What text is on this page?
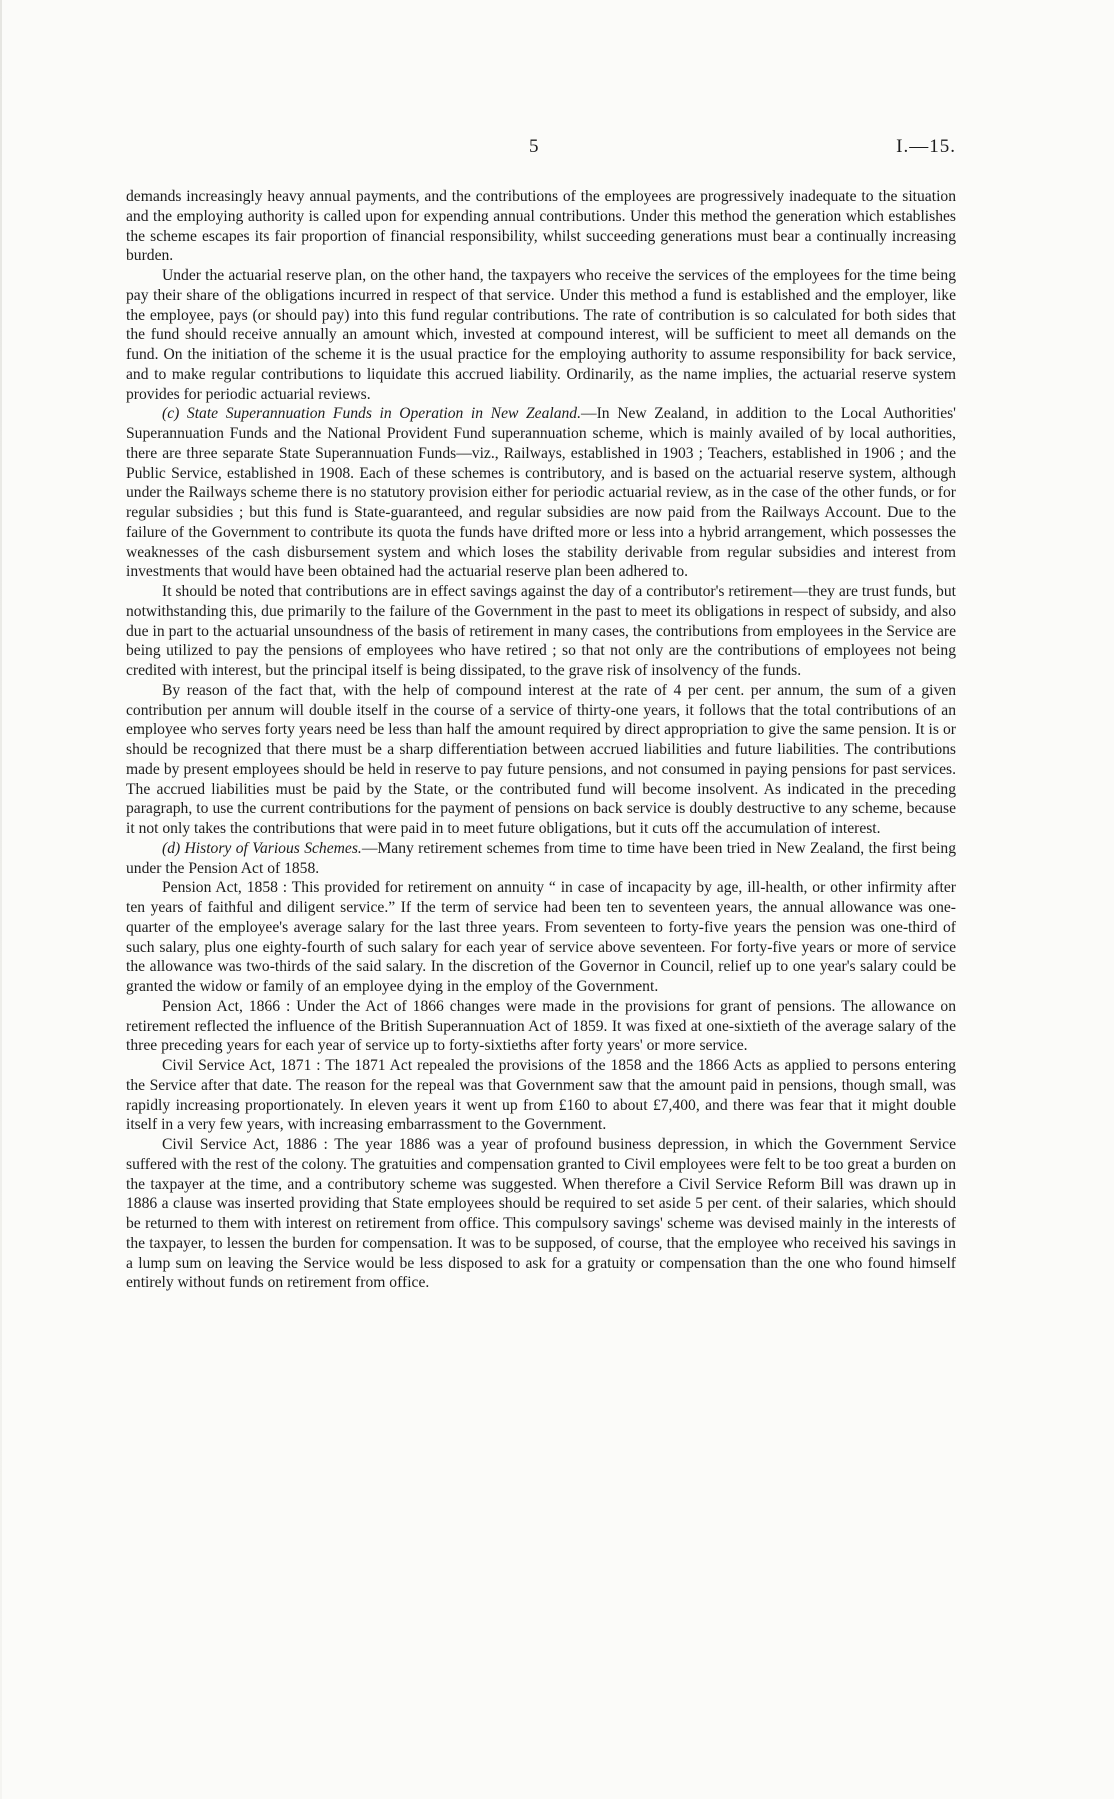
5	I.—15.

demands increasingly heavy annual payments, and the contributions of the employees are progressively inadequate to the situation and the employing authority is called upon for expending annual contributions. Under this method the generation which establishes the scheme escapes its fair proportion of financial responsibility, whilst succeeding generations must bear a continually increasing burden.

Under the actuarial reserve plan, on the other hand, the taxpayers who receive the services of the employees for the time being pay their share of the obligations incurred in respect of that service. Under this method a fund is established and the employer, like the employee, pays (or should pay) into this fund regular contributions. The rate of contribution is so calculated for both sides that the fund should receive annually an amount which, invested at compound interest, will be sufficient to meet all demands on the fund. On the initiation of the scheme it is the usual practice for the employing authority to assume responsibility for back service, and to make regular contributions to liquidate this accrued liability. Ordinarily, as the name implies, the actuarial reserve system provides for periodic actuarial reviews.

(c) State Superannuation Funds in Operation in New Zealand.—In New Zealand, in addition to the Local Authorities' Superannuation Funds and the National Provident Fund superannuation scheme, which is mainly availed of by local authorities, there are three separate State Superannuation Funds—viz., Railways, established in 1903 ; Teachers, established in 1906 ; and the Public Service, established in 1908. Each of these schemes is contributory, and is based on the actuarial reserve system, although under the Railways scheme there is no statutory provision either for periodic actuarial review, as in the case of the other funds, or for regular subsidies ; but this fund is State-guaranteed, and regular subsidies are now paid from the Railways Account. Due to the failure of the Government to contribute its quota the funds have drifted more or less into a hybrid arrangement, which possesses the weaknesses of the cash disbursement system and which loses the stability derivable from regular subsidies and interest from investments that would have been obtained had the actuarial reserve plan been adhered to.

It should be noted that contributions are in effect savings against the day of a contributor's retirement—they are trust funds, but notwithstanding this, due primarily to the failure of the Government in the past to meet its obligations in respect of subsidy, and also due in part to the actuarial unsoundness of the basis of retirement in many cases, the contributions from employees in the Service are being utilized to pay the pensions of employees who have retired ; so that not only are the contributions of employees not being credited with interest, but the principal itself is being dissipated, to the grave risk of insolvency of the funds.

By reason of the fact that, with the help of compound interest at the rate of 4 per cent. per annum, the sum of a given contribution per annum will double itself in the course of a service of thirty-one years, it follows that the total contributions of an employee who serves forty years need be less than half the amount required by direct appropriation to give the same pension. It is or should be recognized that there must be a sharp differentiation between accrued liabilities and future liabilities. The contributions made by present employees should be held in reserve to pay future pensions, and not consumed in paying pensions for past services. The accrued liabilities must be paid by the State, or the contributed fund will become insolvent. As indicated in the preceding paragraph, to use the current contributions for the payment of pensions on back service is doubly destructive to any scheme, because it not only takes the contributions that were paid in to meet future obligations, but it cuts off the accumulation of interest.

(d) History of Various Schemes.—Many retirement schemes from time to time have been tried in New Zealand, the first being under the Pension Act of 1858.

Pension Act, 1858 : This provided for retirement on annuity “ in case of incapacity by age, ill-health, or other infirmity after ten years of faithful and diligent service.” If the term of service had been ten to seventeen years, the annual allowance was one-quarter of the employee's average salary for the last three years. From seventeen to forty-five years the pension was one-third of such salary, plus one eighty-fourth of such salary for each year of service above seventeen. For forty-five years or more of service the allowance was two-thirds of the said salary. In the discretion of the Governor in Council, relief up to one year's salary could be granted the widow or family of an employee dying in the employ of the Government.

Pension Act, 1866 : Under the Act of 1866 changes were made in the provisions for grant of pensions. The allowance on retirement reflected the influence of the British Superannuation Act of 1859. It was fixed at one-sixtieth of the average salary of the three preceding years for each year of service up to forty-sixtieths after forty years' or more service.

Civil Service Act, 1871 : The 1871 Act repealed the provisions of the 1858 and the 1866 Acts as applied to persons entering the Service after that date. The reason for the repeal was that Government saw that the amount paid in pensions, though small, was rapidly increasing proportionately. In eleven years it went up from £160 to about £7,400, and there was fear that it might double itself in a very few years, with increasing embarrassment to the Government.

Civil Service Act, 1886 : The year 1886 was a year of profound business depression, in which the Government Service suffered with the rest of the colony. The gratuities and compensation granted to Civil employees were felt to be too great a burden on the taxpayer at the time, and a contributory scheme was suggested. When therefore a Civil Service Reform Bill was drawn up in 1886 a clause was inserted providing that State employees should be required to set aside 5 per cent. of their salaries, which should be returned to them with interest on retirement from office. This compulsory savings' scheme was devised mainly in the interests of the taxpayer, to lessen the burden for compensation. It was to be supposed, of course, that the employee who received his savings in a lump sum on leaving the Service would be less disposed to ask for a gratuity or compensation than the one who found himself entirely without funds on retirement from office.
